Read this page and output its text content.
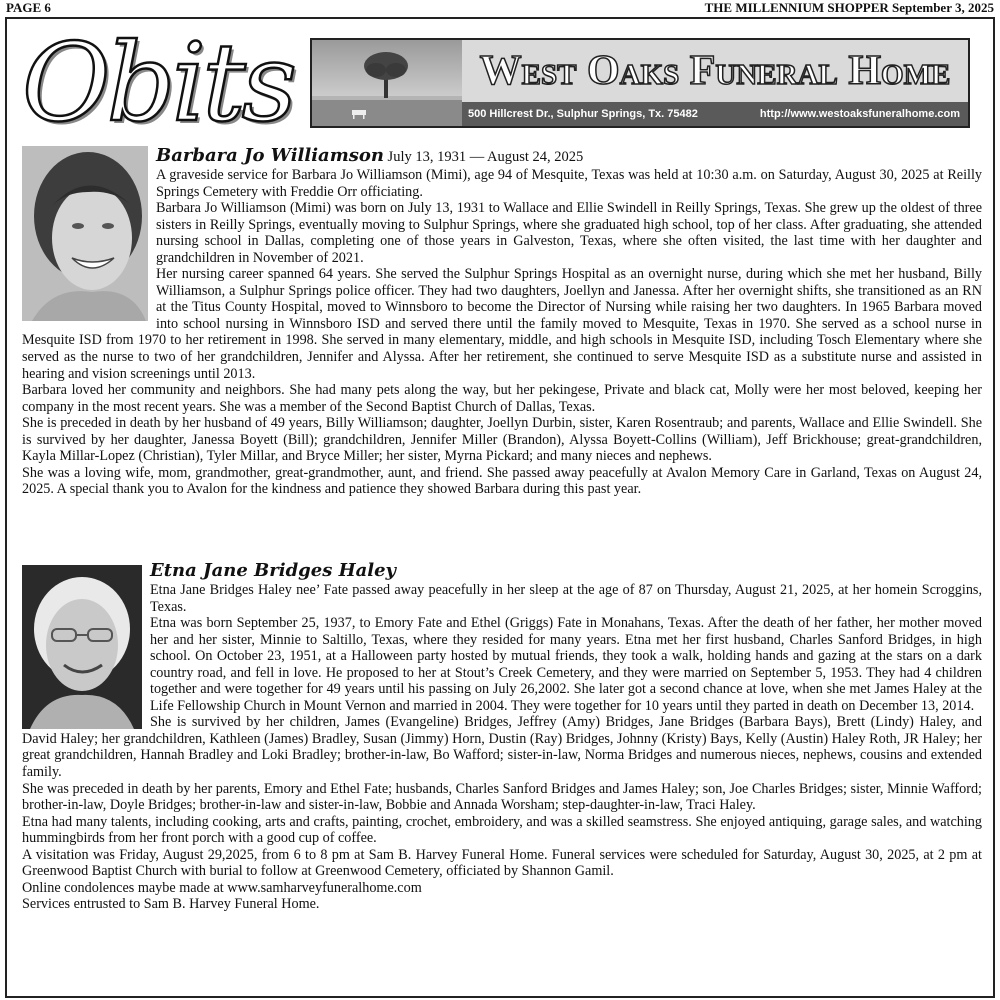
PAGE 6	THE MILLENNIUM SHOPPER September 3, 2025
Obits	West Oaks Funeral Home
500 Hillcrest Dr., Sulphur Springs, Tx. 75482	http://www.westoaksfuneralhome.com

Barbara Jo Williamson July 13, 1931 — August 24, 2025

A graveside service for Barbara Jo Williamson (Mimi), age 94 of Mesquite, Texas was held at 10:30 a.m. on Saturday, August 30, 2025 at Reilly Springs Cemetery with Freddie Orr officiating.

Barbara Jo Williamson (Mimi) was born on July 13, 1931 to Wallace and Ellie Swindell in Reilly Springs, Texas. She grew up the oldest of three sisters in Reilly Springs, eventually moving to Sulphur Springs, where she graduated high school, top of her class. After graduating, she attended nursing school in Dallas, completing one of those years in Galveston, Texas, where she often visited, the last time with her daughter and grandchildren in November of 2021.

Her nursing career spanned 64 years. She served the Sulphur Springs Hospital as an overnight nurse, during which she met her husband, Billy Williamson, a Sulphur Springs police officer. They had two daughters, Joellyn and Janessa. After her overnight shifts, she transitioned as an RN at the Titus County Hospital, moved to Winnsboro to become the Director of Nursing while raising her two daughters. In 1965 Barbara moved into school nursing in Winnsboro ISD and served there until the family moved to Mesquite, Texas in 1970. She served as a school nurse in Mesquite ISD from 1970 to her retirement in 1998. She served in many elementary, middle, and high schools in Mesquite ISD, including Tosch Elementary where she served as the nurse to two of her grandchildren, Jennifer and Alyssa. After her retirement, she continued to serve Mesquite ISD as a substitute nurse and assisted in hearing and vision screenings until 2013.

Barbara loved her community and neighbors. She had many pets along the way, but her pekingese, Private and black cat, Molly were her most beloved, keeping her company in the most recent years. She was a member of the Second Baptist Church of Dallas, Texas.

She is preceded in death by her husband of 49 years, Billy Williamson; daughter, Joellyn Durbin, sister, Karen Rosentraub; and parents, Wallace and Ellie Swindell. She is survived by her daughter, Janessa Boyett (Bill); grandchildren, Jennifer Miller (Brandon), Alyssa Boyett-Collins (William), Jeff Brickhouse; great-grandchildren, Kayla Millar-Lopez (Christian), Tyler Millar, and Bryce Miller; her sister, Myrna Pickard; and many nieces and nephews.

She was a loving wife, mom, grandmother, great-grandmother, aunt, and friend. She passed away peacefully at Avalon Memory Care in Garland, Texas on August 24, 2025. A special thank you to Avalon for the kindness and patience they showed Barbara during this past year.

Etna Jane Bridges Haley

Etna Jane Bridges Haley nee’ Fate passed away peacefully in her sleep at the age of 87 on Thursday, August 21, 2025, at her homein Scroggins, Texas.

Etna was born September 25, 1937, to Emory Fate and Ethel (Griggs) Fate in Monahans, Texas. After the death of her father, her mother moved her and her sister, Minnie to Saltillo, Texas, where they resided for many years. Etna met her first husband, Charles Sanford Bridges, in high school. On October 23, 1951, at a Halloween party hosted by mutual friends, they took a walk, holding hands and gazing at the stars on a dark country road, and fell in love. He proposed to her at Stout’s Creek Cemetery, and they were married on September 5, 1953. They had 4 children together and were together for 49 years until his passing on July 26,2002. She later got a second chance at love, when she met James Haley at the Life Fellowship Church in Mount Vernon and married in 2004. They were together for 10 years until they parted in death on December 13, 2014.

She is survived by her children, James (Evangeline) Bridges, Jeffrey (Amy) Bridges, Jane Bridges (Barbara Bays), Brett (Lindy) Haley, and David Haley; her grandchildren, Kathleen (James) Bradley, Susan (Jimmy) Horn, Dustin (Ray) Bridges, Johnny (Kristy) Bays, Kelly (Austin) Haley Roth, JR Haley; her great grandchildren, Hannah Bradley and Loki Bradley; brother-in-law, Bo Wafford; sister-in-law, Norma Bridges and numerous nieces, nephews, cousins and extended family.

She was preceded in death by her parents, Emory and Ethel Fate; husbands, Charles Sanford Bridges and James Haley; son, Joe Charles Bridges; sister, Minnie Wafford; brother-in-law, Doyle Bridges; brother-in-law and sister-in-law, Bobbie and Annada Worsham; step-daughter-in-law, Traci Haley.

Etna had many talents, including cooking, arts and crafts, painting, crochet, embroidery, and was a skilled seamstress. She enjoyed antiquing, garage sales, and watching hummingbirds from her front porch with a good cup of coffee.

A visitation was Friday, August 29,2025, from 6 to 8 pm at Sam B. Harvey Funeral Home. Funeral services were scheduled for Saturday, August 30, 2025, at 2 pm at Greenwood Baptist Church with burial to follow at Greenwood Cemetery, officiated by Shannon Gamil.

Online condolences maybe made at www.samharveyfuneralhome.com

Services entrusted to Sam B. Harvey Funeral Home.
